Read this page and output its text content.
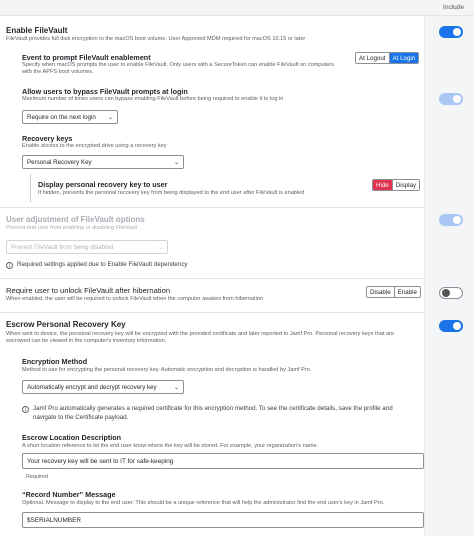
Include
Enable FileVault
FileVault provides full disk encryption to the macOS boot volume. User Approved MDM required for macOS 10.15 or later
Event to prompt FileVault enablement
Specify when macOS prompts the user to enable FileVault. Only users with a SecureToken can enable FileVault on computers with the APFS boot volumes.
At Logout	At Login
Allow users to bypass FileVault prompts at login
Maximum number of times users can bypass enabling FileVault before being required to enable it to log in
Require on the next login ⌄
Recovery keys
Enable access to the encrypted drive using a recovery key
Personal Recovery Key	⌄
Display personal recovery key to user
If hidden, prevents the personal recovery key from being displayed to the end user after FileVault is enabled
Hide	Display
User adjustment of FileVault options
Prevent end user from enabling or disabling FileVault
Prevent FileVault from being disabled	⌄
i	Required settings applied due to Enable FileVault dependency
Require user to unlock FileVault after hibernation
When enabled, the user will be required to unlock FileVault when the computer awakes from hibernation
Disable	Enable
Escrow Personal Recovery Key
When sent to device, the personal recovery key will be encrypted with the provided certificate and later reported to Jamf Pro. Personal recovery keys that are
escrowed can be viewed in the computer's inventory information.
Encryption Method
Method to use for encrypting the personal recovery key. Automatic encryption and decryption is handled by Jamf Pro.
Automatically encrypt and decrypt recovery key	⌄
i	Jamf Pro automatically generates a required certificate for this encryption method. To see the certificate details, save the profile and
navigate to the Certificate payload.
Escrow Location Description
A short location reference to let the end user know where the key will be stored. For example, your organization's name.
Your recovery key will be sent to IT for safe-keeping
Required
“Record Number” Message
Optional. Message to display to the end user. This should be a unique reference that will help the administrator find the end user's key in Jamf Pro.
$SERIALNUMBER
